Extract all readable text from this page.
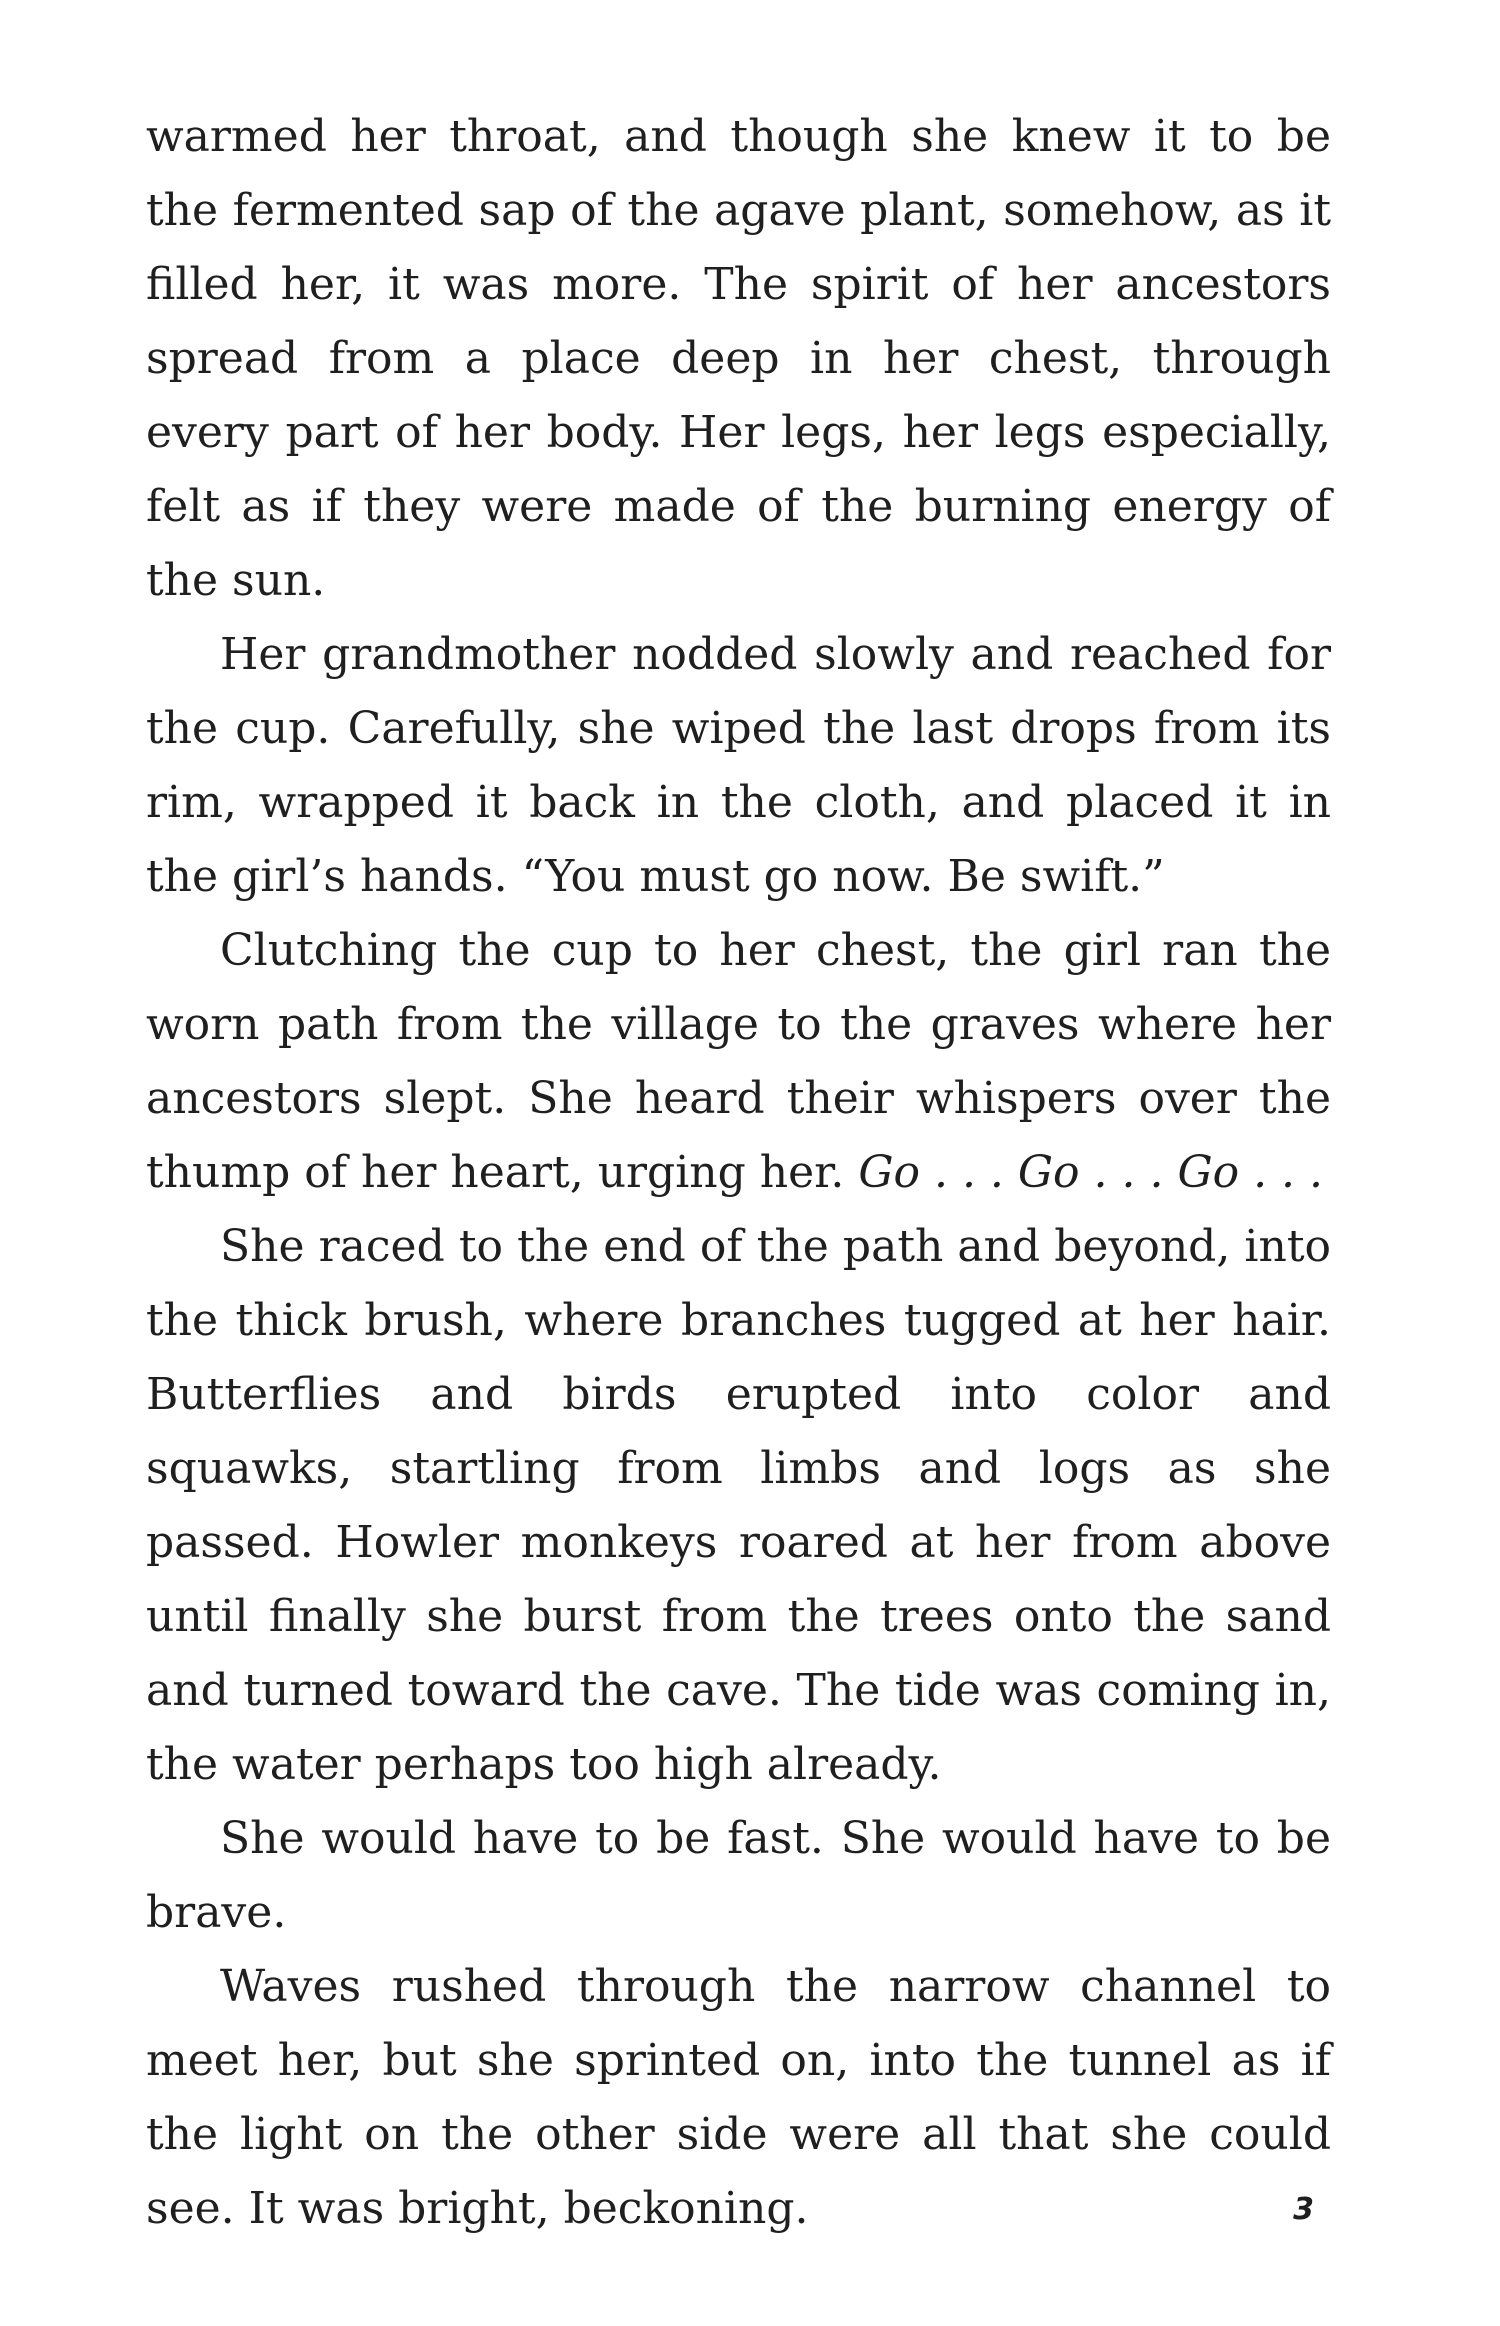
warmed her throat, and though she knew it to be the fermented sap of the agave plant, somehow, as it filled her, it was more. The spirit of her ancestors spread from a place deep in her chest, through every part of her body. Her legs, her legs especially, felt as if they were made of the burning energy of the sun.

Her grandmother nodded slowly and reached for the cup. Carefully, she wiped the last drops from its rim, wrapped it back in the cloth, and placed it in the girl’s hands. “You must go now. Be swift.”

Clutching the cup to her chest, the girl ran the worn path from the village to the graves where her ancestors slept. She heard their whispers over the thump of her heart, urging her. Go . . . Go . . . Go . . .

She raced to the end of the path and beyond, into the thick brush, where branches tugged at her hair. Butterflies and birds erupted into color and squawks, startling from limbs and logs as she passed. Howler monkeys roared at her from above until finally she burst from the trees onto the sand and turned toward the cave. The tide was coming in, the water perhaps too high already.

She would have to be fast. She would have to be brave.

Waves rushed through the narrow channel to meet her, but she sprinted on, into the tunnel as if the light on the other side were all that she could see. It was bright, beckoning.	3
